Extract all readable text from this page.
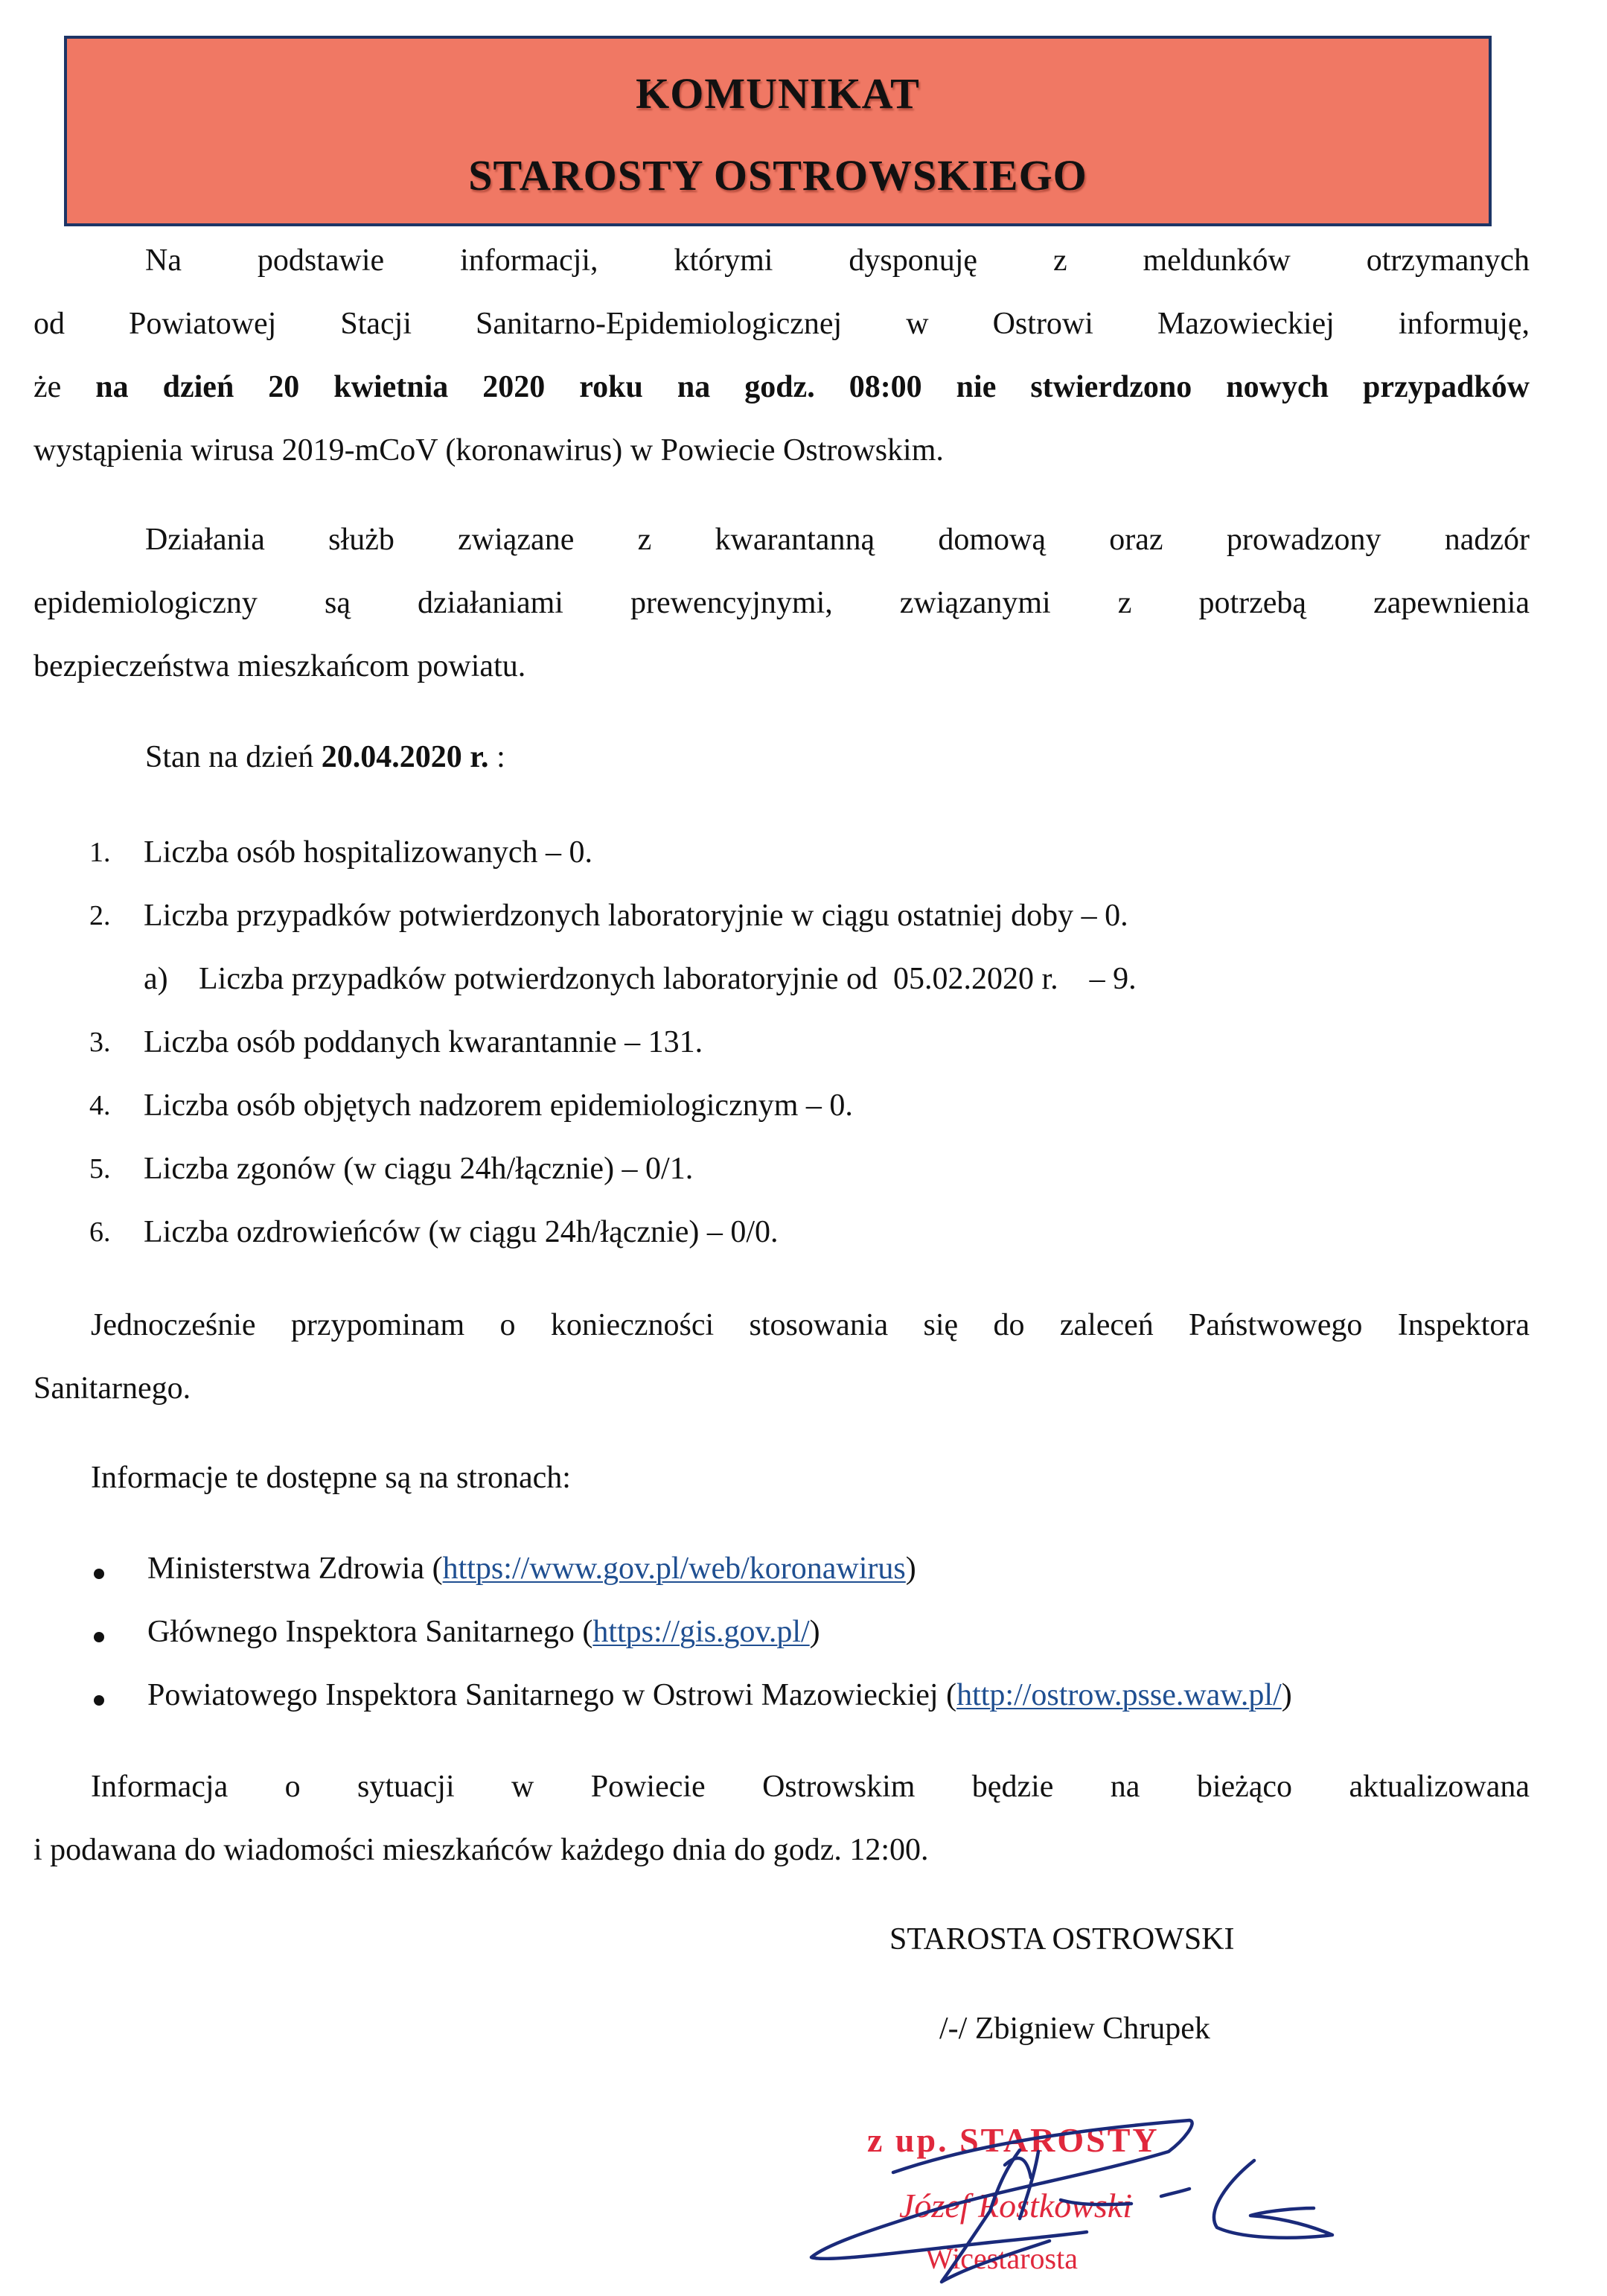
KOMUNIKAT
STAROSTY OSTROWSKIEGO
Na podstawie informacji, którymi dysponuję z meldunków otrzymanych
od Powiatowej Stacji Sanitarno-Epidemiologicznej w Ostrowi Mazowieckiej informuję,
że na dzień 20 kwietnia 2020 roku na godz. 08:00 nie stwierdzono nowych przypadków
wystąpienia wirusa 2019-mCoV (koronawirus) w Powiecie Ostrowskim.
Działania służb związane z kwarantanną domową oraz prowadzony nadzór
epidemiologiczny są działaniami prewencyjnymi, związanymi z potrzebą zapewnienia
bezpieczeństwa mieszkańcom powiatu.
Stan na dzień 20.04.2020 r. :
1. Liczba osób hospitalizowanych – 0.
2. Liczba przypadków potwierdzonych laboratoryjnie w ciągu ostatniej doby – 0.
a) Liczba przypadków potwierdzonych laboratoryjnie od  05.02.2020 r.    – 9.
3. Liczba osób poddanych kwarantannie – 131.
4. Liczba osób objętych nadzorem epidemiologicznym – 0.
5. Liczba zgonów (w ciągu 24h/łącznie) – 0/1.
6. Liczba ozdrowieńców (w ciągu 24h/łącznie) – 0/0.
Jednocześnie przypominam o konieczności stosowania się do zaleceń Państwowego Inspektora
Sanitarnego.
Informacje te dostępne są na stronach:
Ministerstwa Zdrowia (https://www.gov.pl/web/koronawirus)
Głównego Inspektora Sanitarnego (https://gis.gov.pl/)
Powiatowego Inspektora Sanitarnego w Ostrowi Mazowieckiej (http://ostrow.psse.waw.pl/)
Informacja o sytuacji w Powiecie Ostrowskim będzie na bieżąco aktualizowana
i podawana do wiadomości mieszkańców każdego dnia do godz. 12:00.
STAROSTA OSTROWSKI
/-/ Zbigniew Chrupek
z up. STAROSTY
Józef Rostkowski
Wicestarosta
